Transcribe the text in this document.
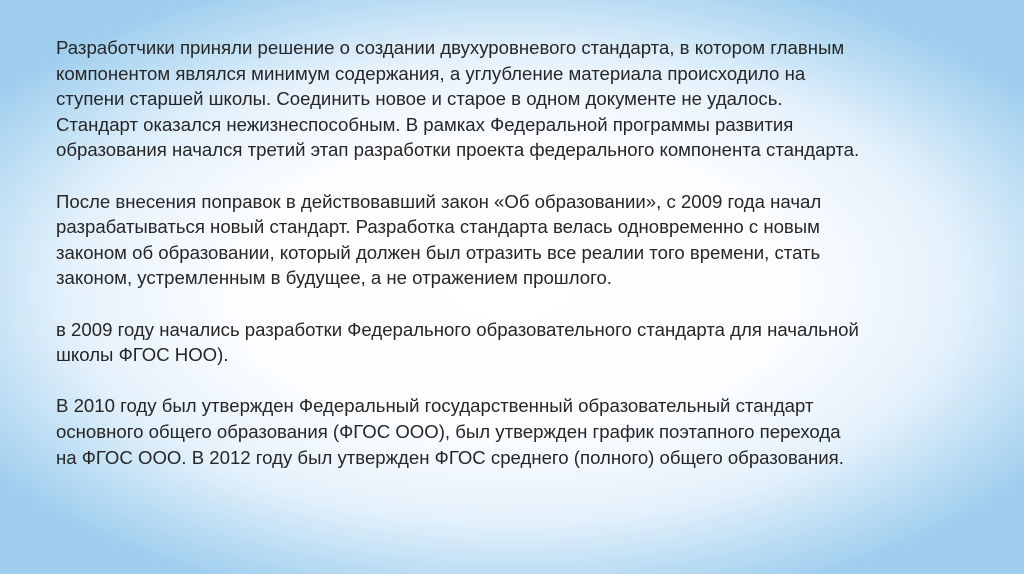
Разработчики приняли решение о создании двухуровневого стандарта, в котором главным
компонентом являлся минимум содержания, а углубление материала происходило на
ступени старшей школы. Соединить новое и старое в одном документе не удалось.
Стандарт оказался нежизнеспособным. В рамках Федеральной программы развития
образования начался третий этап разработки проекта федерального компонента стандарта.
После внесения поправок в действовавший закон «Об образовании», с 2009 года начал
разрабатываться новый стандарт. Разработка стандарта велась одновременно с новым
законом об образовании, который должен был отразить все реалии того времени, стать
законом, устремленным в будущее, а не отражением прошлого.
в 2009 году начались разработки Федерального образовательного стандарта для начальной
школы ФГОС НОО).
В 2010 году был утвержден Федеральный государственный образовательный стандарт
основного общего образования (ФГОС ООО), был утвержден график поэтапного перехода
на ФГОС ООО. В 2012 году был утвержден ФГОС среднего (полного) общего образования.
